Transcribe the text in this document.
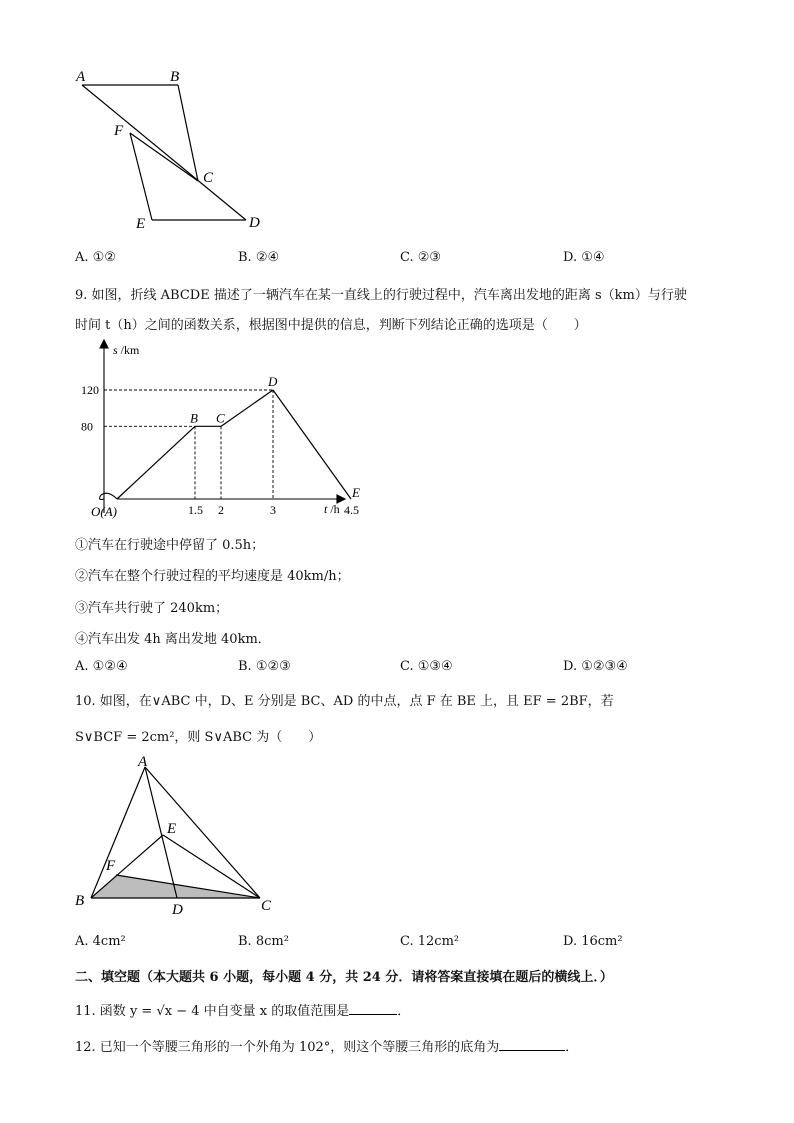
A	B
F
C
E	D
A. ①②	B. ②④	C. ②③	D. ①④
9. 如图，折线 ABCDE 描述了一辆汽车在某一直线上的行驶过程中，汽车离出发地的距离 s（km）与行驶
时间 t（h）之间的函数关系，根据图中提供的信息，判断下列结论正确的选项是（　　）
B C
D
E
80
120
1.5 2	3	4.5
s /km
t /h
O(A)
①汽车在行驶途中停留了 0.5h；
②汽车在整个行驶过程的平均速度是 40km/h；
③汽车共行驶了 240km；
④汽车出发 4h 离出发地 40km．
A. ①②④	B. ①②③	C. ①③④	D. ①②③④
10. 如图，在∨ABC 中，D、E 分别是 BC、AD 的中点，点 F 在 BE 上，且 EF = 2BF，若
S∨BCF = 2cm²，则 S∨ABC 为（　　）
A
E
F
B
D	C
A. 4cm²	B. 8cm²	C. 12cm²	D. 16cm²
二、填空题（本大题共 6 小题，每小题 4 分，共 24 分．请将答案直接填在题后的横线上．）
11. 函数 y = √x − 4 中自变量 x 的取值范围是	．
12. 已知一个等腰三角形的一个外角为 102°，则这个等腰三角形的底角为	．
